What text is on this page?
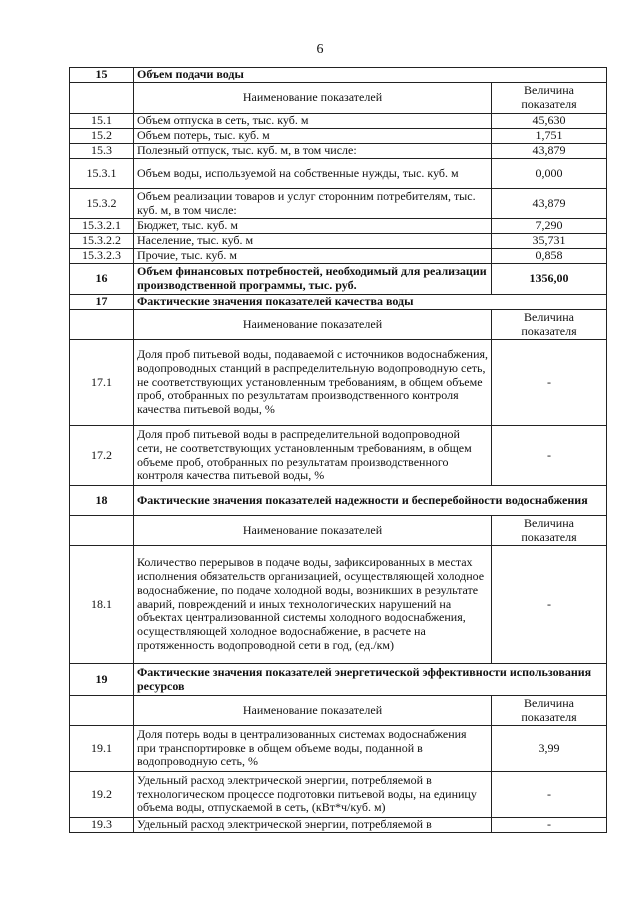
6
15	Объем подачи воды	
	Наименование показателей	Величина показателя
15.1	Объем отпуска в сеть, тыс. куб. м	45,630
15.2	Объем потерь, тыс. куб. м	1,751
15.3	Полезный отпуск, тыс. куб. м, в том числе:	43,879
15.3.1	Объем воды, используемой на собственные нужды, тыс. куб. м	0,000
15.3.2	Объем реализации товаров и услуг сторонним потребителям, тыс. куб. м, в том числе:	43,879
15.3.2.1	Бюджет, тыс. куб. м	7,290
15.3.2.2	Население, тыс. куб. м	35,731
15.3.2.3	Прочие, тыс. куб. м	0,858
16	Объем финансовых потребностей, необходимый для реализации производственной программы, тыс. руб.	1356,00
17	Фактические значения показателей качества воды	
	Наименование показателей	Величина показателя
17.1	Доля проб питьевой воды, подаваемой с источников водоснабжения, водопроводных станций в распределительную водопроводную сеть, не соответствующих установленным требованиям, в общем объеме проб, отобранных по результатам производственного контроля качества питьевой воды, %	-
17.2	Доля проб питьевой воды в распределительной водопроводной сети, не соответствующих установленным требованиям, в общем объеме проб, отобранных по результатам производственного контроля качества питьевой воды, %	-
18	Фактические значения показателей надежности и бесперебойности водоснабжения	
	Наименование показателей	Величина показателя
18.1	Количество перерывов в подаче воды, зафиксированных в местах исполнения обязательств организацией, осуществляющей холодное водоснабжение, по подаче холодной воды, возникших в результате аварий, повреждений и иных технологических нарушений на объектах централизованной системы холодного водоснабжения, осуществляющей холодное водоснабжение, в расчете на протяженность водопроводной сети в год, (ед./км)	-
19	Фактические значения показателей энергетической эффективности использования ресурсов	
	Наименование показателей	Величина показателя
19.1	Доля потерь воды в централизованных системах водоснабжения при транспортировке в общем объеме воды, поданной в водопроводную сеть, %	3,99
19.2	Удельный расход электрической энергии, потребляемой в технологическом процессе подготовки питьевой воды, на единицу объема воды, отпускаемой в сеть, (кВт*ч/куб. м)	-
19.3	Удельный расход электрической энергии, потребляемой в	-
